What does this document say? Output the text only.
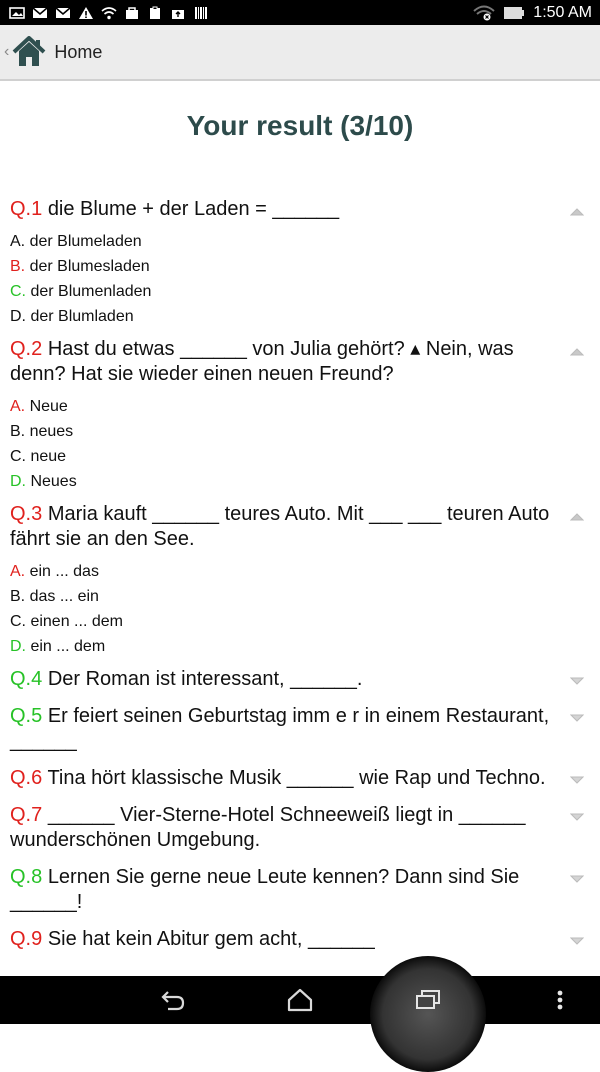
1:50 AM
‹	Home
Your result (3/10)
Q.1 die Blume + der Laden = ______
A. der Blumeladen
B. der Blumesladen
C. der Blumenladen
D. der Blumladen
Q.2 Hast du etwas ______ von Julia gehört? ▴ Nein, was denn? Hat sie wieder einen neuen Freund?
A. Neue
B. neues
C. neue
D. Neues
Q.3 Maria kauft ______ teures Auto. Mit ___ ___ teuren Auto fährt sie an den See.
A. ein ... das
B. das ... ein
C. einen ... dem
D. ein ... dem
Q.4 Der Roman ist interessant, ______.
Q.5 Er feiert seinen Geburtstag imm e r in einem Restaurant, ______
Q.6 Tina hört klassische Musik ______ wie Rap und Techno.
Q.7 ______ Vier-Sterne-Hotel Schneeweiß liegt in ______ wunderschönen Umgebung.
Q.8 Lernen Sie gerne neue Leute kennen? Dann sind Sie ______!
Q.9 Sie hat kein Abitur gem acht, ______
